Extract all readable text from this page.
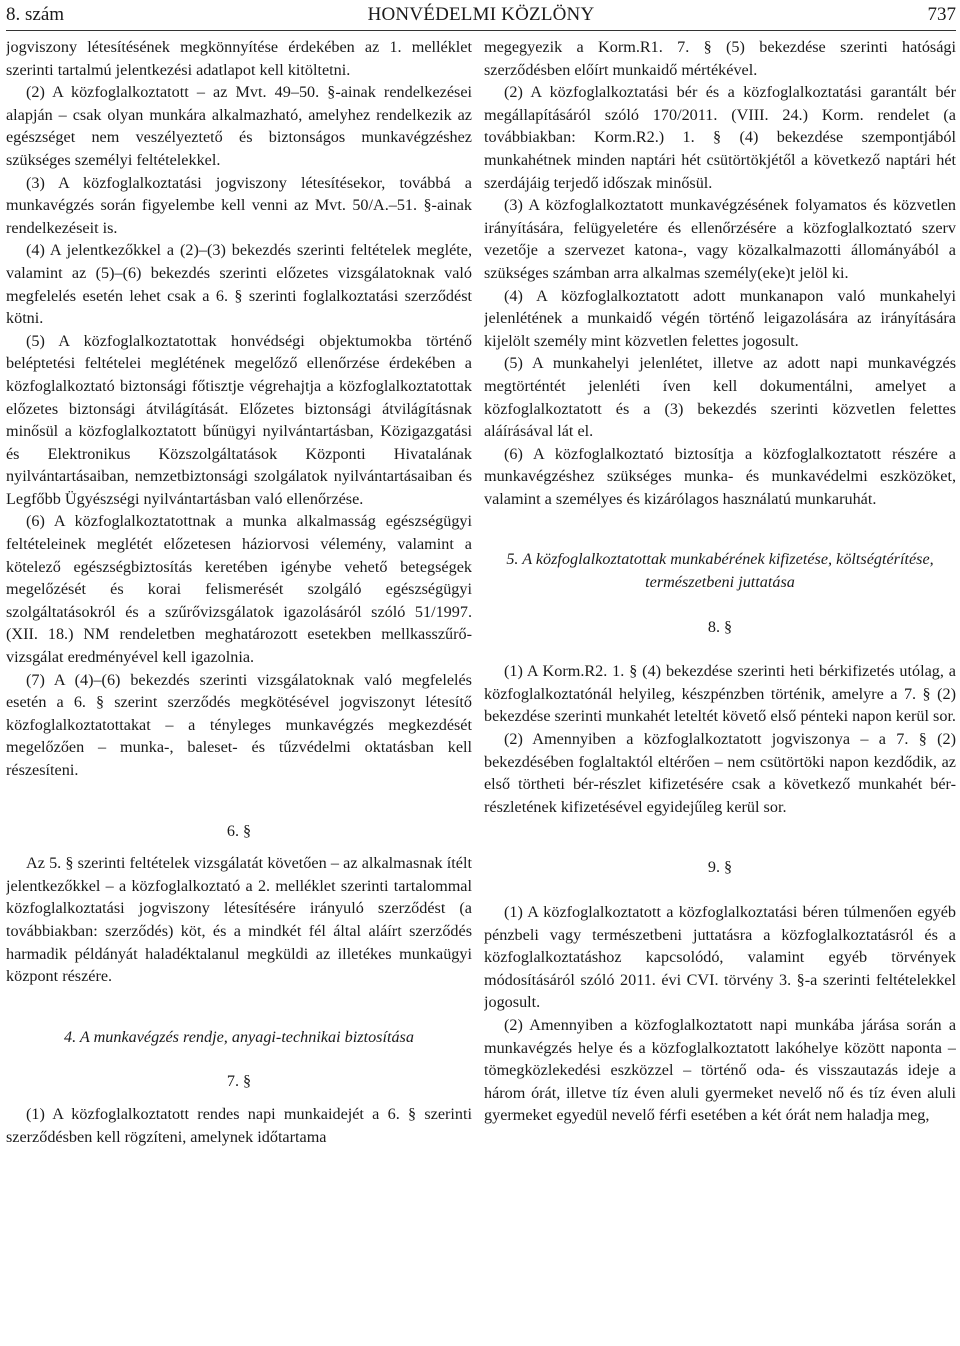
8. szám	HONVÉDELMI KÖZLÖNY	737

jogviszony létesítésének megkönnyítése érdekében az 1. melléklet szerinti tartalmú jelentkezési adatlapot kell kitöltetni.

(2) A közfoglalkoztatott – az Mvt. 49–50. §-ainak rendelkezései alapján – csak olyan munkára alkalmazható, amelyhez rendelkezik az egészséget nem veszélyeztető és biztonságos munkavégzéshez szükséges személyi feltételekkel.

(3) A közfoglalkoztatási jogviszony létesítésekor, továbbá a munkavégzés során figyelembe kell venni az Mvt. 50/A.–51. §-ainak rendelkezéseit is.

(4) A jelentkezőkkel a (2)–(3) bekezdés szerinti feltételek megléte, valamint az (5)–(6) bekezdés szerinti előzetes vizsgálatoknak való megfelelés esetén lehet csak a 6. § szerinti foglalkoztatási szerződést kötni.

(5) A közfoglalkoztatottak honvédségi objektumokba történő beléptetési feltételei meglétének megelőző ellenőrzése érdekében a közfoglalkoztató biztonsági főtisztje végrehajtja a közfoglalkoztatottak előzetes biztonsági átvilágítását. Előzetes biztonsági átvilágításnak minősül a közfoglalkoztatott bűnügyi nyilvántartásban, Közigazgatási és Elektronikus Közszolgáltatások Központi Hivatalának nyilvántartásaiban, nemzetbiztonsági szolgálatok nyilvántartásaiban és Legfőbb Ügyészségi nyilvántartásban való ellenőrzése.

(6) A közfoglalkoztatottnak a munka alkalmasság egészségügyi feltételeinek meglétét előzetesen háziorvosi vélemény, valamint a kötelező egészségbiztosítás keretében igénybe vehető betegségek megelőzését és korai felismerését szolgáló egészségügyi szolgáltatásokról és a szűrővizsgálatok igazolásáról szóló 51/1997. (XII. 18.) NM rendeletben meghatározott esetekben mellkasszűrő-vizsgálat eredményével kell igazolnia.

(7) A (4)–(6) bekezdés szerinti vizsgálatoknak való megfelelés esetén a 6. § szerint szerződés megkötésével jogviszonyt létesítő közfoglalkoztatottakat – a tényleges munkavégzés megkezdését megelőzően – munka-, baleset- és tűzvédelmi oktatásban kell részesíteni.

6. §

Az 5. § szerinti feltételek vizsgálatát követően – az alkalmasnak ítélt jelentkezőkkel – a közfoglalkoztató a 2. melléklet szerinti tartalommal közfoglalkoztatási jogviszony létesítésére irányuló szerződést (a továbbiakban: szerződés) köt, és a mindkét fél által aláírt szerződés harmadik példányát haladéktalanul megküldi az illetékes munkaügyi központ részére.

4. A munkavégzés rendje, anyagi-technikai biztosítása

7. §

(1) A közfoglalkoztatott rendes napi munkaidejét a 6. § szerinti szerződésben kell rögzíteni, amelynek időtartama

megegyezik a Korm.R1. 7. § (5) bekezdése szerinti hatósági szerződésben előírt munkaidő mértékével.

(2) A közfoglalkoztatási bér és a közfoglalkoztatási garantált bér megállapításáról szóló 170/2011. (VIII. 24.) Korm. rendelet (a továbbiakban: Korm.R2.) 1. § (4) bekezdése szempontjából munkahétnek minden naptári hét csütörtökjétől a következő naptári hét szerdájáig terjedő időszak minősül.

(3) A közfoglalkoztatott munkavégzésének folyamatos és közvetlen irányítására, felügyeletére és ellenőrzésére a közfoglalkoztató szerv vezetője a szervezet katona-, vagy közalkalmazotti állományából a szükséges számban arra alkalmas személy(eke)t jelöl ki.

(4) A közfoglalkoztatott adott munkanapon való munkahelyi jelenlétének a munkaidő végén történő leigazolására az irányítására kijelölt személy mint közvetlen felettes jogosult.

(5) A munkahelyi jelenlétet, illetve az adott napi munkavégzés megtörténtét jelenléti íven kell dokumentálni, amelyet a közfoglalkoztatott és a (3) bekezdés szerinti közvetlen felettes aláírásával lát el.

(6) A közfoglalkoztató biztosítja a közfoglalkoztatott részére a munkavégzéshez szükséges munka- és munkavédelmi eszközöket, valamint a személyes és kizárólagos használatú munkaruhát.

5. A közfoglalkoztatottak munkabérének kifizetése, költségtérítése, természetbeni juttatása

8. §

(1) A Korm.R2. 1. § (4) bekezdése szerinti heti bérkifizetés utólag, a közfoglalkoztatónál helyileg, készpénzben történik, amelyre a 7. § (2) bekezdése szerinti munkahét leteltét követő első pénteki napon kerül sor.

(2) Amennyiben a közfoglalkoztatott jogviszonya – a 7. § (2) bekezdésében foglaltaktól eltérően – nem csütörtöki napon kezdődik, az első törtheti bér-részlet kifizetésére csak a következő munkahét bér-részletének kifizetésével egyidejűleg kerül sor.

9. §

(1) A közfoglalkoztatott a közfoglalkoztatási béren túlmenően egyéb pénzbeli vagy természetbeni juttatásra a közfoglalkoztatásról és a közfoglalkoztatáshoz kapcsolódó, valamint egyéb törvények módosításáról szóló 2011. évi CVI. törvény 3. §-a szerinti feltételekkel jogosult.

(2) Amennyiben a közfoglalkoztatott napi munkába járása során a munkavégzés helye és a közfoglalkoztatott lakóhelye között naponta – tömegközlekedési eszközzel – történő oda- és visszautazás ideje a három órát, illetve tíz éven aluli gyermeket nevelő nő és tíz éven aluli gyermeket egyedül nevelő férfi esetében a két órát nem haladja meg,
